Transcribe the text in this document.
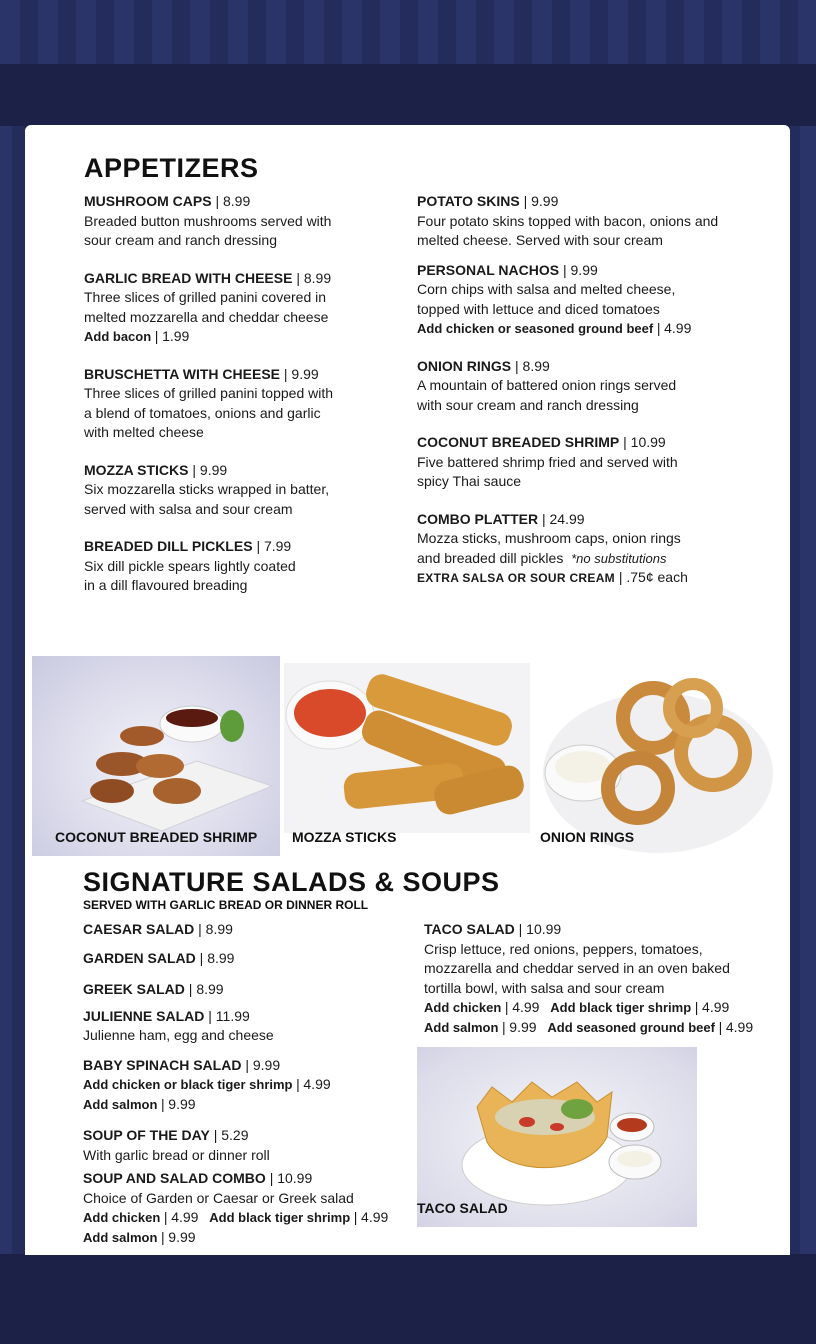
APPETIZERS
MUSHROOM CAPS | 8.99
Breaded button mushrooms served with
sour cream and ranch dressing
GARLIC BREAD WITH CHEESE | 8.99
Three slices of grilled panini covered in
melted mozzarella and cheddar cheese
Add bacon | 1.99
BRUSCHETTA WITH CHEESE | 9.99
Three slices of grilled panini topped with
a blend of tomatoes, onions and garlic
with melted cheese
MOZZA STICKS | 9.99
Six mozzarella sticks wrapped in batter,
served with salsa and sour cream
BREADED DILL PICKLES | 7.99
Six dill pickle spears lightly coated
in a dill flavoured breading
POTATO SKINS | 9.99
Four potato skins topped with bacon, onions and
melted cheese. Served with sour cream
PERSONAL NACHOS | 9.99
Corn chips with salsa and melted cheese,
topped with lettuce and diced tomatoes
Add chicken or seasoned ground beef | 4.99
ONION RINGS | 8.99
A mountain of battered onion rings served
with sour cream and ranch dressing
COCONUT BREADED SHRIMP | 10.99
Five battered shrimp fried and served with
spicy Thai sauce
COMBO PLATTER | 24.99
Mozza sticks, mushroom caps, onion rings
and breaded dill pickles *no substitutions
EXTRA SALSA OR SOUR CREAM | .75¢ each
COCONUT BREADED SHRIMP MOZZA STICKS	ONION RINGS
SIGNATURE SALADS & SOUPS
SERVED WITH GARLIC BREAD OR DINNER ROLL
CAESAR SALAD | 8.99
GARDEN SALAD | 8.99
GREEK SALAD | 8.99
JULIENNE SALAD | 11.99
Julienne ham, egg and cheese
BABY SPINACH SALAD | 9.99
Add chicken or black tiger shrimp | 4.99
Add salmon | 9.99
SOUP OF THE DAY | 5.29
With garlic bread or dinner roll
SOUP AND SALAD COMBO | 10.99
Choice of Garden or Caesar or Greek salad
Add chicken | 4.99 Add black tiger shrimp | 4.99
Add salmon | 9.99
TACO SALAD | 10.99
Crisp lettuce, red onions, peppers, tomatoes,
mozzarella and cheddar served in an oven baked
tortilla bowl, with salsa and sour cream
Add chicken | 4.99 Add black tiger shrimp | 4.99
Add salmon | 9.99 Add seasoned ground beef | 4.99
TACO SALAD
